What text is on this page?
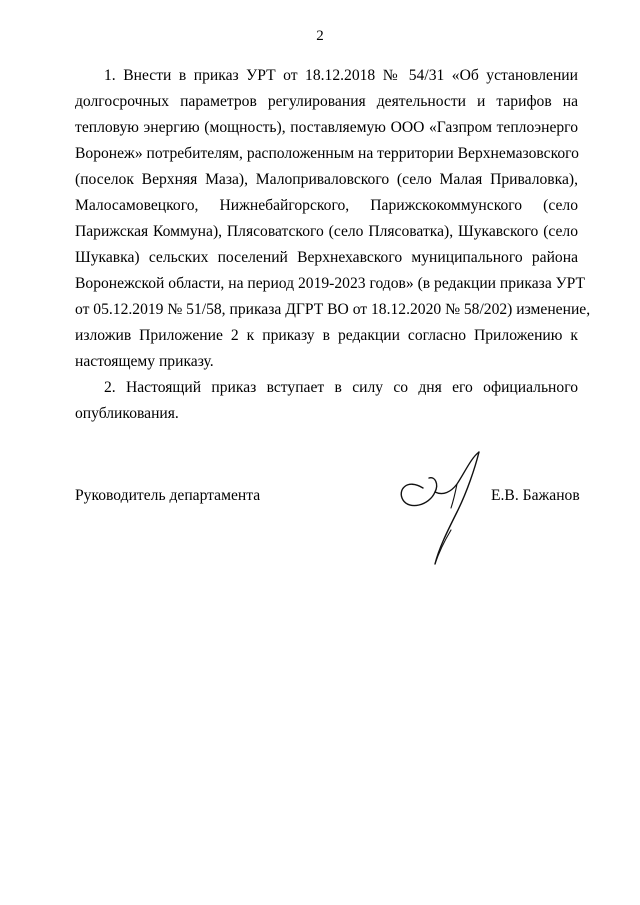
2
1. Внести в приказ УРТ от 18.12.2018 № 54/31 «Об установлении
долгосрочных параметров регулирования деятельности и тарифов на
тепловую энергию (мощность), поставляемую ООО «Газпром теплоэнерго
Воронеж» потребителям, расположенным на территории Верхнемазовского
(поселок Верхняя Маза), Малоприваловского (село Малая Приваловка),
Малосамовецкого, Нижнебайгорского, Парижскокоммунского (село
Парижская Коммуна), Плясоватского (село Плясоватка), Шукавского (село
Шукавка) сельских поселений Верхнехавского муниципального района
Воронежской области, на период 2019-2023 годов» (в редакции приказа УРТ
от 05.12.2019 № 51/58, приказа ДГРТ ВО от 18.12.2020 № 58/202) изменение,
изложив Приложение 2 к приказу в редакции согласно Приложению к
настоящему приказу.
2. Настоящий приказ вступает в силу со дня его официального
опубликования.
Руководитель департамента	Е.В. Бажанов
